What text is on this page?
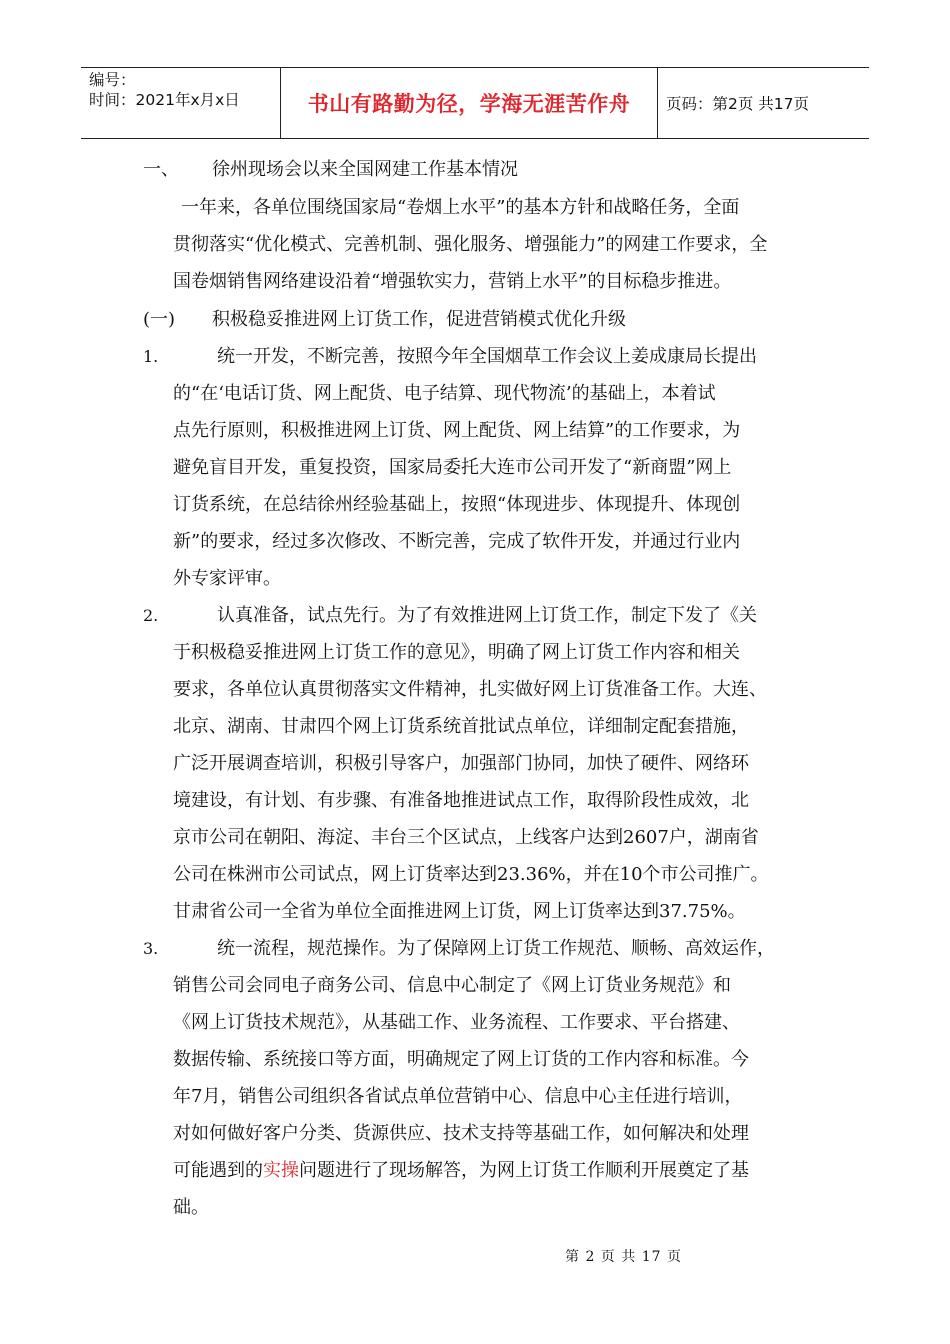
编号：
时间：2021年x月x日	书山有路勤为径，学海无涯苦作舟	页码：第2页 共17页
一、 徐州现场会以来全国网建工作基本情况
一年来，各单位围绕国家局“卷烟上水平”的基本方针和战略任务，全面
贯彻落实“优化模式、完善机制、强化服务、增强能力”的网建工作要求，全
国卷烟销售网络建设沿着“增强软实力，营销上水平”的目标稳步推进。
(一) 积极稳妥推进网上订货工作，促进营销模式优化升级
1.	统一开发，不断完善，按照今年全国烟草工作会议上姜成康局长提出
的“在‘电话订货、网上配货、电子结算、现代物流’的基础上，本着试
点先行原则，积极推进网上订货、网上配货、网上结算”的工作要求，为
避免盲目开发，重复投资，国家局委托大连市公司开发了“新商盟”网上
订货系统，在总结徐州经验基础上，按照“体现进步、体现提升、体现创
新”的要求，经过多次修改、不断完善，完成了软件开发，并通过行业内
外专家评审。
2.	认真准备，试点先行。为了有效推进网上订货工作，制定下发了《关
于积极稳妥推进网上订货工作的意见》，明确了网上订货工作内容和相关
要求，各单位认真贯彻落实文件精神，扎实做好网上订货准备工作。大连、
北京、湖南、甘肃四个网上订货系统首批试点单位，详细制定配套措施，
广泛开展调查培训，积极引导客户，加强部门协同，加快了硬件、网络环
境建设，有计划、有步骤、有准备地推进试点工作，取得阶段性成效，北
京市公司在朝阳、海淀、丰台三个区试点，上线客户达到2607户，湖南省
公司在株洲市公司试点，网上订货率达到23.36%，并在10个市公司推广。
甘肃省公司一全省为单位全面推进网上订货，网上订货率达到37.75%。
3.	统一流程，规范操作。为了保障网上订货工作规范、顺畅、高效运作，
销售公司会同电子商务公司、信息中心制定了《网上订货业务规范》和
《网上订货技术规范》，从基础工作、业务流程、工作要求、平台搭建、
数据传输、系统接口等方面，明确规定了网上订货的工作内容和标准。今
年7月，销售公司组织各省试点单位营销中心、信息中心主任进行培训，
对如何做好客户分类、货源供应、技术支持等基础工作，如何解决和处理
可能遇到的实操问题进行了现场解答，为网上订货工作顺利开展奠定了基
础。
第 2 页 共 17 页
